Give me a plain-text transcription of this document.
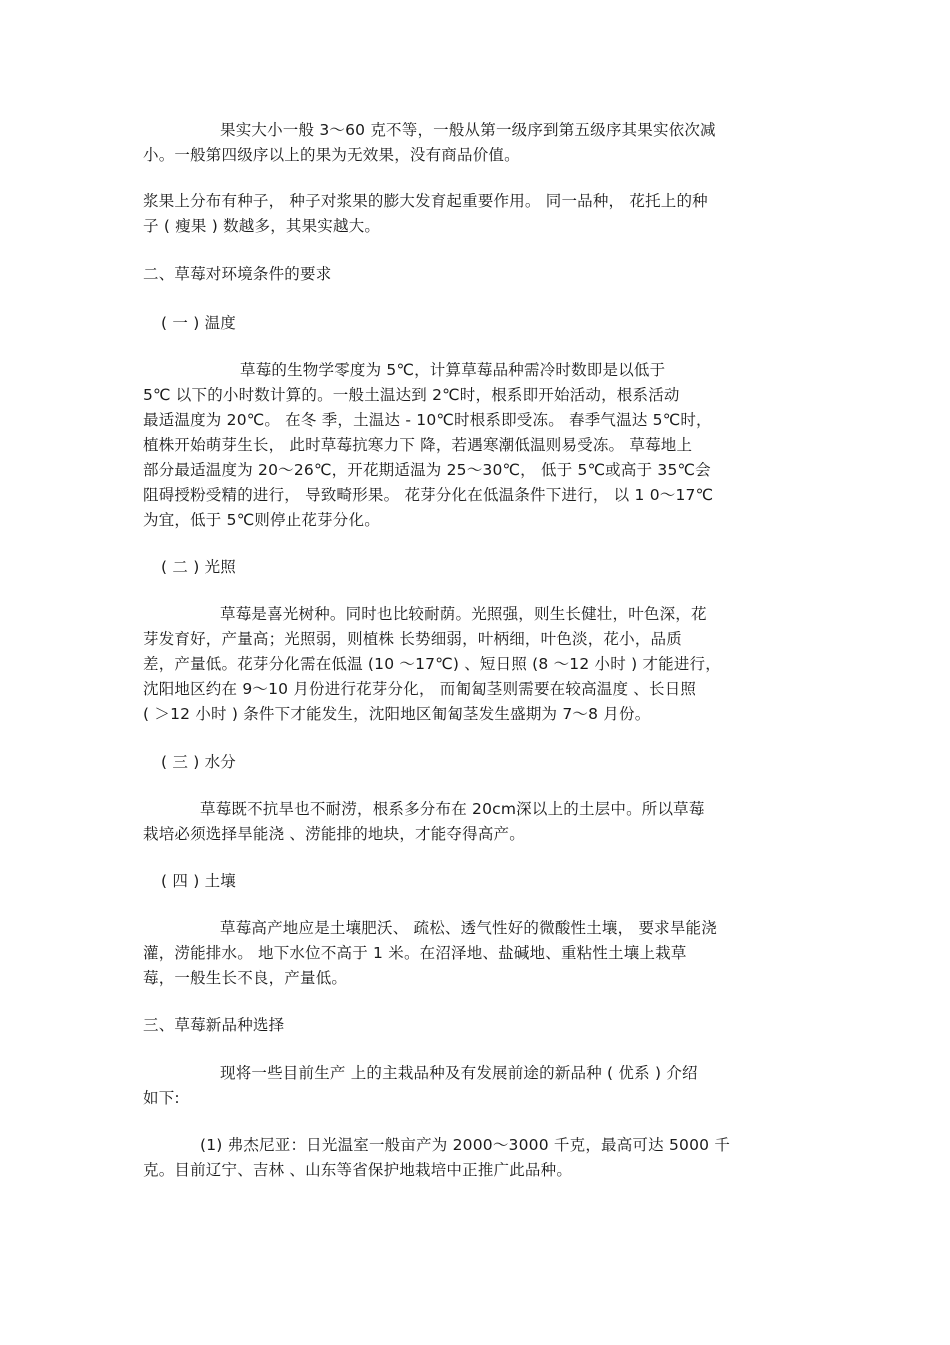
果实大小一般 3～60 克不等，一般从第一级序到第五级序其果实依次减
小。一般第四级序以上的果为无效果，没有商品价值。
浆果上分布有种子， 种子对浆果的膨大发育起重要作用。 同一品种， 花托上的种
子 ( 瘦果 ) 数越多，其果实越大。
二、草莓对环境条件的要求
( 一 ) 温度
草莓的生物学零度为 5℃，计算草莓品种需冷时数即是以低于
5℃ 以下的小时数计算的。一般土温达到 2℃时，根系即开始活动，根系活动
最适温度为 20℃。 在冬 季，土温达 - 10℃时根系即受冻。 春季气温达 5℃时，
植株开始萌芽生长， 此时草莓抗寒力下 降，若遇寒潮低温则易受冻。 草莓地上
部分最适温度为 20～26℃，开花期适温为 25～30℃， 低于 5℃或高于 35℃会
阻碍授粉受精的进行， 导致畸形果。 花芽分化在低温条件下进行， 以 1 0～17℃
为宜，低于 5℃则停止花芽分化。
( 二 ) 光照
草莓是喜光树种。同时也比较耐荫。光照强，则生长健壮，叶色深，花
芽发育好，产量高；光照弱，则植株 长势细弱，叶柄细，叶色淡，花小，品质
差，产量低。花芽分化需在低温 (10 ～17℃) 、短日照 (8 ～12 小时 ) 才能进行，
沈阳地区约在 9～10 月份进行花芽分化， 而匍匐茎则需要在较高温度 、长日照
( ＞12 小时 ) 条件下才能发生，沈阳地区匍匐茎发生盛期为 7～8 月份。
( 三 ) 水分
草莓既不抗旱也不耐涝，根系多分布在 20cm深以上的土层中。所以草莓
栽培必须选择旱能浇 、涝能排的地块，才能夺得高产。
( 四 ) 土壤
草莓高产地应是土壤肥沃、 疏松、透气性好的微酸性土壤， 要求旱能浇
灌，涝能排水。 地下水位不高于 1 米。在沼泽地、盐碱地、重粘性土壤上栽草
莓，一般生长不良，产量低。
三、草莓新品种选择
现将一些目前生产 上的主栽品种及有发展前途的新品种 ( 优系 ) 介绍
如下:
(1) 弗杰尼亚：日光温室一般亩产为 2000～3000 千克，最高可达 5000 千
克。目前辽宁、吉林 、山东等省保护地栽培中正推广此品种。
